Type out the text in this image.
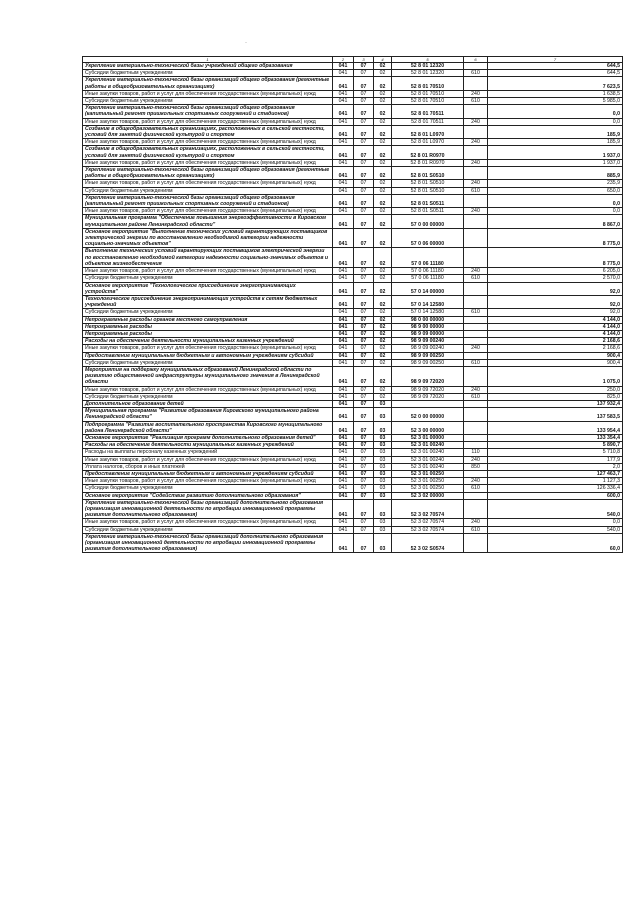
·
1	2	3	4	5	6	7
Укрепление материально-технической базы учреждений общего образования	041	07	02	52 8 01 12320		644,5
Субсидии бюджетным учреждениям	041	07	02	52 8 01 12320	610	644,5
Укрепление материально-технической базы организаций общего образования (ремонтные работы в общеобразовательных организациях)	041	07	02	52 8 01 70510		7 623,5
Иные закупки товаров, работ и услуг для обеспечения государственных (муниципальных) нужд	041	07	02	52 8 01 70510	240	1 638,5
Субсидии бюджетным учреждениям	041	07	02	52 8 01 70510	610	5 985,0
Укрепление материально-технической базы организаций общего образования (капитальный ремонт пришкольных спортивных сооружений и стадионов)	041	07	02	52 8 01 70511		0,0
Иные закупки товаров, работ и услуг для обеспечения государственных (муниципальных) нужд	041	07	02	52 8 01 70511	240	0,0
Создание в общеобразовательных организациях, расположенных в сельской местности, условий для занятий физической культурой и спортом	041	07	02	52 8 01 L0970		185,9
Иные закупки товаров, работ и услуг для обеспечения государственных (муниципальных) нужд	041	07	02	52 8 01 L0970	240	185,9
Создание в общеобразовательных организациях, расположенных в сельской местности, условий для занятий физической культурой и спортом	041	07	02	52 8 01 R0970		1 937,0
Иные закупки товаров, работ и услуг для обеспечения государственных (муниципальных) нужд	041	07	02	52 8 01 R0970	240	1 937,0
Укрепление материально-технической базы организаций общего образования (ремонтные работы в общеобразовательных организациях)	041	07	02	52 8 01 S0510		885,9
Иные закупки товаров, работ и услуг для обеспечения государственных (муниципальных) нужд	041	07	02	52 8 01 S0510	240	235,9
Субсидии бюджетным учреждениям	041	07	02	52 8 01 S0510	610	650,0
Укрепление материально-технической базы организаций общего образования (капитальный ремонт пришкольных спортивных сооружений и стадионов)	041	07	02	52 8 01 S0511		0,0
Иные закупки товаров, работ и услуг для обеспечения государственных (муниципальных) нужд	041	07	02	52 8 01 S0511	240	0,0
Муниципальная программа "Обеспечение повышения энергоэффективности в Кировском муниципальном районе Ленинградской области"	041	07	02	57 0 00 00000		8 867,0
Основное мероприятие "Выполнение технических условий гарантирующих поставщиков электрической энергии по восстановлению необходимой категории надежности социально-значимых объектов"	041	07	02	57 0 06 00000		8 775,0
Выполнение технических условий гарантирующих поставщиков электрической энергии по восстановлению необходимой категории надежности социально-значимых объектов и объектов жизнеобеспечения	041	07	02	57 0 06 11180		8 775,0
Иные закупки товаров, работ и услуг для обеспечения государственных (муниципальных) нужд	041	07	02	57 0 06 11180	240	6 205,0
Субсидии бюджетным учреждениям	041	07	02	57 0 06 11180	610	2 570,0
Основное мероприятие "Технологическое присоединение энергопринимающих устройств"	041	07	02	57 0 14 00000		92,0
Технологическое присоединение энергопринимающих устройств к сетям бюджетных учреждений	041	07	02	57 0 14 12580		92,0
Субсидии бюджетным учреждениям	041	07	02	57 0 14 12580	610	92,0
Непрограммные расходы органов местного самоуправления	041	07	02	98 0 00 00000		4 144,0
Непрограммные расходы	041	07	02	98 9 00 00000		4 144,0
Непрограммные расходы	041	07	02	98 9 09 00000		4 144,0
Расходы на обеспечение деятельности муниципальных казенных учреждений	041	07	02	98 9 09 00240		2 168,6
Иные закупки товаров, работ и услуг для обеспечения государственных (муниципальных) нужд	041	07	02	98 9 09 00240	240	2 168,6
Предоставление муниципальным бюджетным и автономным учреждениям субсидий	041	07	02	98 9 09 00250		900,4
Субсидии бюджетным учреждениям	041	07	02	98 9 09 00250	610	900,4
Мероприятия на поддержку муниципальных образований Ленинградской области по развитию общественной инфраструктуры муниципального значения в Ленинградской области	041	07	02	98 9 09 72020		1 075,0
Иные закупки товаров, работ и услуг для обеспечения государственных (муниципальных) нужд	041	07	02	98 9 09 72020	240	250,0
Субсидии бюджетным учреждениям	041	07	02	98 9 09 72020	610	825,0
Дополнительное образование детей	041	07	03			137 932,4
Муниципальная программа "Развитие образования Кировского муниципального района Ленинградской области"	041	07	03	52 0 00 00000		137 583,5
Подпрограмма "Развитие воспитательного пространства Кировского муниципального района Ленинградской области"	041	07	03	52 3 00 00000		133 954,4
Основное мероприятие "Реализация программ дополнительного образования детей"	041	07	03	52 3 01 00000		133 354,4
Расходы на обеспечение деятельности муниципальных казенных учреждений	041	07	03	52 3 01 00240		5 890,7
Расходы на выплаты персоналу казенных учреждений	041	07	03	52 3 01 00240	110	5 710,8
Иные закупки товаров, работ и услуг для обеспечения государственных (муниципальных) нужд	041	07	03	52 3 01 00240	240	177,9
Уплата налогов, сборов и иных платежей	041	07	03	52 3 01 00240	850	2,0
Предоставление муниципальным бюджетным и автономным учреждениям субсидий	041	07	03	52 3 01 00250		127 463,7
Иные закупки товаров, работ и услуг для обеспечения государственных (муниципальных) нужд	041	07	03	52 3 01 00250	240	1 127,3
Субсидии бюджетным учреждениям	041	07	03	52 3 01 00250	610	126 336,4
Основное мероприятие "Содействие развитию дополнительного образования"	041	07	03	52 3 02 00000		600,0
Укрепление материально-технической базы организаций дополнительного образования (организация инновационной деятельности по апробации инновационной программы развития дополнительного образования)	041	07	03	52 3 02 70574		540,0
Иные закупки товаров, работ и услуг для обеспечения государственных (муниципальных) нужд	041	07	03	52 3 02 70574	240	0,0
Субсидии бюджетным учреждениям	041	07	03	52 3 02 70574	610	540,0
Укрепление материально-технической базы организаций дополнительного образования (организация инновационной деятельности по апробации инновационной программы развития дополнительного образования)	041	07	03	52 3 02 S0574		60,0
